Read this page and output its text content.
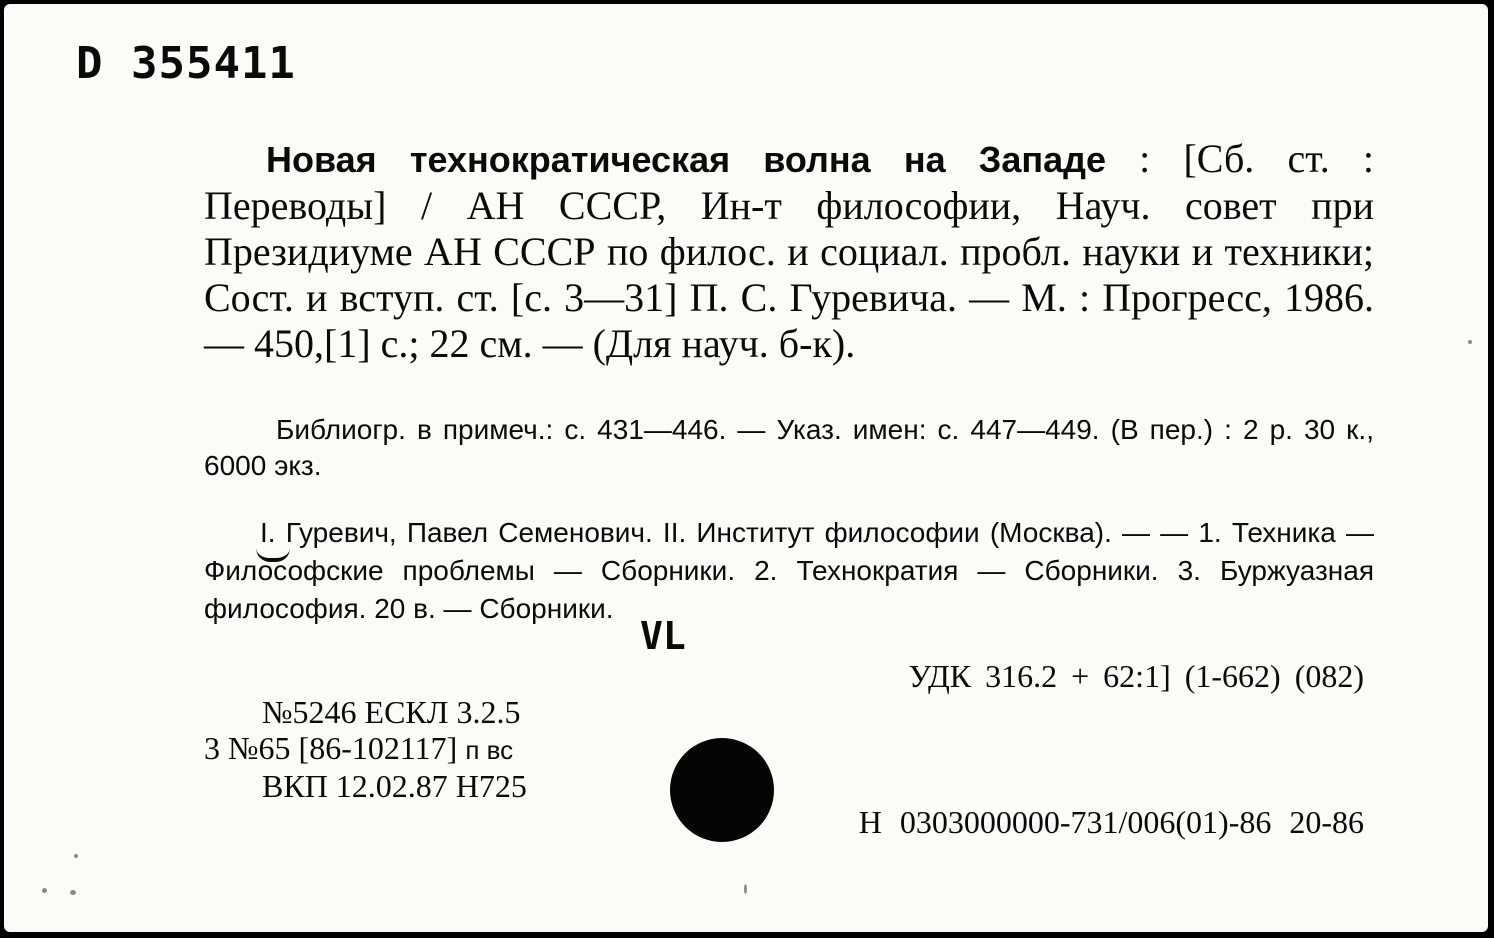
D 355411
Новая технократическая волна на Западе : [Сб. ст. : Переводы] / АН СССР, Ин-т философии, Науч. совет при Президиуме АН СССР по филос. и социал. пробл. науки и техники; Сост. и вступ. ст. [с. 3—31] П. С. Гуревича. — М. : Прогресс, 1986. — 450,[1] с.; 22 см. — (Для науч. б-к).

Библиогр. в примеч.: с. 431—446. — Указ. имен: с. 447—449. (В пер.) : 2 р. 30 к., 6000 экз.

I. Гуревич, Павел Семенович. II. Институт философии (Москва). — — 1. Техника — Философские проблемы — Сборники. 2. Технократия — Сборники. 3. Буржуазная философия. 20 в. — Сборники.

VL
УДК 316.2 + 62:1] (1-662) (082)
№5246 ЕСКЛ 3.2.5
3 №65 [86-102117] п вс
ВКП 12.02.87 Н725
Н 0303000000-731/006(01)-86 20-86
